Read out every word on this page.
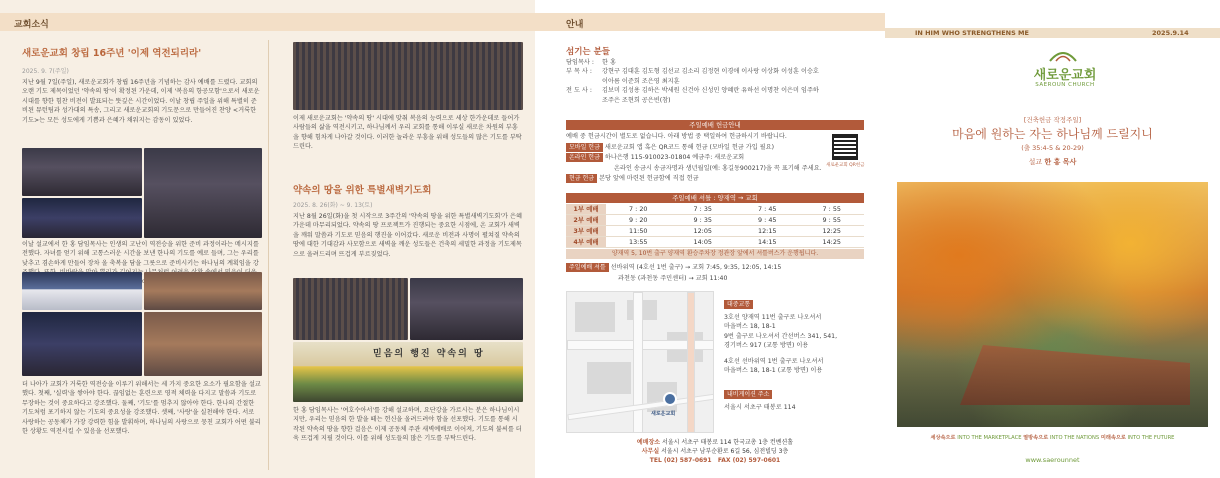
교회소식
새로운교회 창립 16주년 '이제 역전되리라'
2025. 9. 7(주일)
지난 9월 7일(주일), 새로운교회가 창립 16주년을 기념하는 감사 예배를 드렸다. 교회의 오랜 기도 제목이었던 '약속의 땅'이 확정된 가운데, 이제 '복음의 항공모함'으로서 새로운 시대를 향한 힘찬 비전이 발표되는 뜻깊은 시간이었다. 이날 창립 주일을 위해 특별히 준비된 뮤턴팀과 성가대의 특송, 그리고 새로운교회의 기도문으로 만들어진 찬양 <거룩한 기도>는 모든 성도에게 기쁨과 은혜가 채워지는 감동이 있었다.
이날 설교에서 한 홍 담임목사는 인생의 고난이 역전승을 위한 준비 과정이라는 메시지를 전했다. 자녀를 얻기 위해 고통스러운 시간을 보낸 한나의 기도를 예로 들며, 그는 우리를 낮추고 겸손하게 만들어 장차 올 축복을 담을 그릇으로 준비시키는 하나님의 계획임을 강
더 나아가 교회가 거룩한 역전승을 이루기 위해서는 세 가지 중요한 요소가 필요함을 설교했다. 첫째, '실력'을 쌓아야 한다. 끊임없는 훈련으로 영적 체력을 다지고 말씀과 기도로 무장하는 것이 중요하다고 강조했다. 둘째, '기도'를 멈추지 않아야 한다. 한나의 간절한 기도처럼 포기하지 않는 기도의 중요성을 강조했다. 셋째, '사랑'을 실천해야 한다. 서로 사랑하는 공동체가 가장 강력한 힘을 발휘하며, 하나님의 사랑으로 뭉친 교회가 어떤 불리한 상황도 역전시킬 수 있음을 선포했다.
이제 새로운교회는 '약속의 땅' 시대에 맞춰 복음의 능력으로 세상 한가운데로 들어가 사람들의 삶을 역전시키고, 하나님께서 우리 교회를 통해 이루실 새로운 차원의 부흥을 향해 힘차게 나아갈 것이다. 이러한 놀라운 부흥을 위해 성도들의 많은 기도를 부탁드린다.
약속의 땅을 위한 특별새벽기도회
2025. 8. 26(화) ~ 9. 13(토)
지난 8월 26일(화)을 첫 시작으로 3주간의 '약속의 땅을 위한 특별새벽기도회'가 은혜 가운데 마무리되었다. 약속의 땅 프로젝트가 진행되는 중요한 시점에, 온 교회가 새벽을 깨워 말씀과 기도로 믿음의 행진을 이어갔다. 새로운 비전과 사명이 펼쳐질 약속의 땅에 대한 기대감과 사모함으로 새벽을 깨운 성도들은 건축의 세밀한 과정을 기도제목으로 올려드리며 뜨겁게 부르짖었다.
믿음의 행진 약속의 땅
한 홍 담임목사는 '여호수아서'를 강해 설교하며, 요단강을 가르시는 분은 하나님이시지만, 우리는 믿음의 한 발을 떼는 헌신을 올려드려야 함을 선포했다. 기도를 통해 시작된 약속의 땅을 향한 걸음은 이제 공동체 주관 새벽예배로 이어져, 기도의 불씨를 더욱 뜨겁게 지필 것이다. 이를 위해 성도들의 많은 기도를 부탁드린다.
안내
섬기는 분들
담임목사 :	한 홍
부 목 사 :	강현구 김대훈 김도형 김선교 김소리 김정현 이경애 이사랑 이상화 이성훈 이승호
이아름 이준희 조은영 최지훈
전 도 사 :	김보미 김성용 김하은 박세원 신건아 신성민 양혜란 유하선 이명찬 이은미 임주하
조주은 조현희 공은빈(참)
주일예배 헌금안내
예배 중 헌금시간이 별도로 없습니다. 아래 방법 중 택일하여 헌금하시기 바랍니다.
모바일 헌금 새로운교회 앱 혹은 QR코드 통해 헌금 (모바일 헌금 가입 필요)
온라인 헌금 하나은행 115-910023-01804 예금주: 새로운교회
온라인 송금시 송금자명과 생년월일(예: 홍길동900217)을 꼭 표기해 주세요.
현금 헌금 본당 앞에 마련된 헌금함에 직접 헌금
새로운교회 QR헌금
주일예배 셔틀 : 양재역 → 교회
1부 예배	7 : 20	7 : 35	7 : 45	7 : 55
2부 예배	9 : 20	9 : 35	9 : 45	9 : 55
3부 예배	11:50	12:05	12:15	12:25
4부 예배	13:55	14:05	14:15	14:25
양재역 5, 10번 출구 양재역 환승주차장 정관장 앞에서 셔틀버스가 운행됩니다.
주일예배 셔틀 선바위역 (4호선 1번 출구) → 교회 7:45, 9:35, 12:05, 14:15
과천동 (과천동 주민센터) → 교회 11:40
새로운교회
대중교통
3호선 양재역 11번 출구로 나오셔서
마을버스 18, 18-1
9번 출구로 나오셔서 간선버스 341, 541,
경기버스 917 (교통 방면) 이용
4호선 선바위역 1번 출구로 나오셔서
마을버스 18, 18-1 (교통 방면) 이용
내비게이션 주소
서울시 서초구 태봉로 114
예배장소 서울시 서초구 태봉로 114 한국교총 1층 컨벤션홀
사무실 서울시 서초구 남부순환로 6길 56, 심전빌딩 3층
TEL (02) 587-0691 FAX (02) 597-0601
IN HIM WHO STRENGTHENS ME	2025.9.14
새로운교회
SAEROUN CHURCH
[건축헌금 작정주일]
마음에 원하는 자는 하나님께 드릴지니
(출 35:4-5 & 20-29)
설교 한 홍 목사
세상속으로 INTO THE MARKETPLACE 열방속으로 INTO THE NATIONS 미래속으로 INTO THE FUTURE
www.saerounnet
